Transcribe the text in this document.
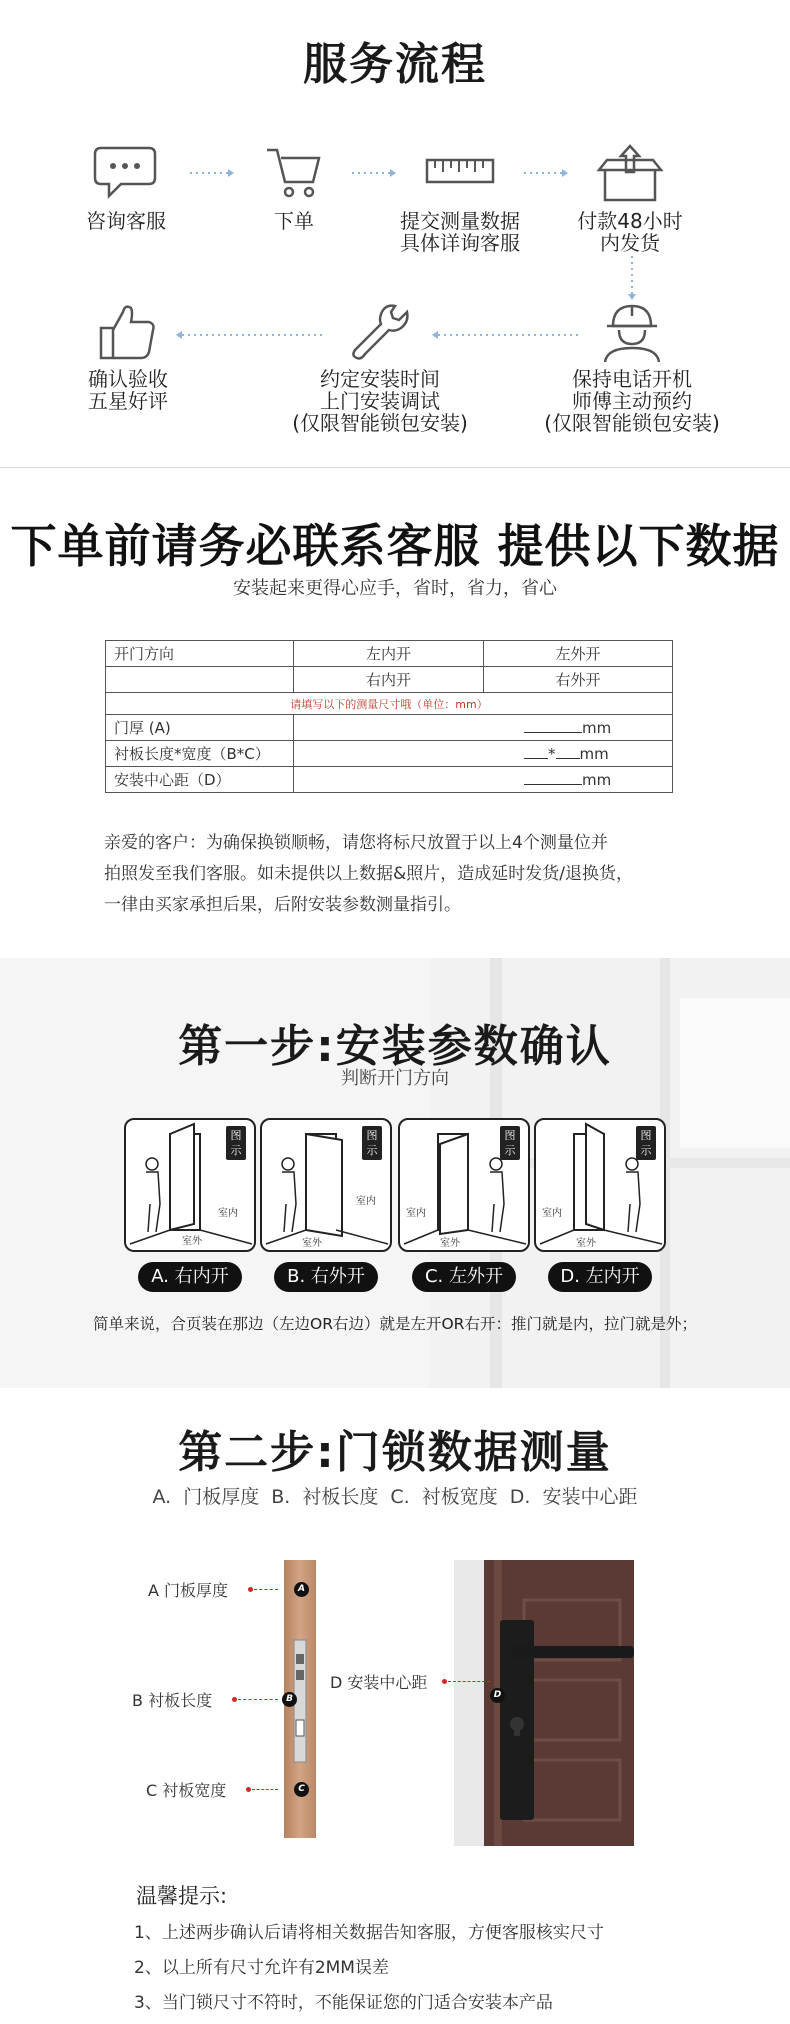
服务流程
咨询客服	下单	提交测量数据
具体详询客服
付款48小时
内发货
保持电话开机
师傅主动预约
(仅限智能锁包安装)
约定安装时间
上门安装调试
(仅限智能锁包安装)
确认验收
五星好评
下单前请务必联系客服 提供以下数据
安装起来更得心应手，省时，省力，省心
开门方向	左内开	左外开
	右内开	右外开
请填写以下的测量尺寸哦（单位：mm）		
门厚 (A)	mm	
衬板长度*宽度（B*C）	* mm	
安装中心距（D）	mm	
亲爱的客户：为确保换锁顺畅，请您将标尺放置于以上4个测量位并
拍照发至我们客服。如未提供以上数据&照片，造成延时发货/退换货，
一律由买家承担后果，后附安装参数测量指引。
第一步:安装参数确认
判断开门方向
图示
室内
室外
A. 右内开
图示
室内
室外
B. 右外开
图示
室内
室外
C. 左外开
图示
室内
室外
D. 左内开
简单来说，合页装在那边（左边OR右边）就是左开OR右开：推门就是内，拉门就是外；
第二步:门锁数据测量
A. 门板厚度 B. 衬板长度 C. 衬板宽度 D. 安装中心距
A 门板厚度	A
B 衬板长度	B
C 衬板宽度	C
D 安装中心距
D
温馨提示:
1、上述两步确认后请将相关数据告知客服，方便客服核实尺寸
2、以上所有尺寸允许有2MM误差
3、当门锁尺寸不符时，不能保证您的门适合安装本产品
